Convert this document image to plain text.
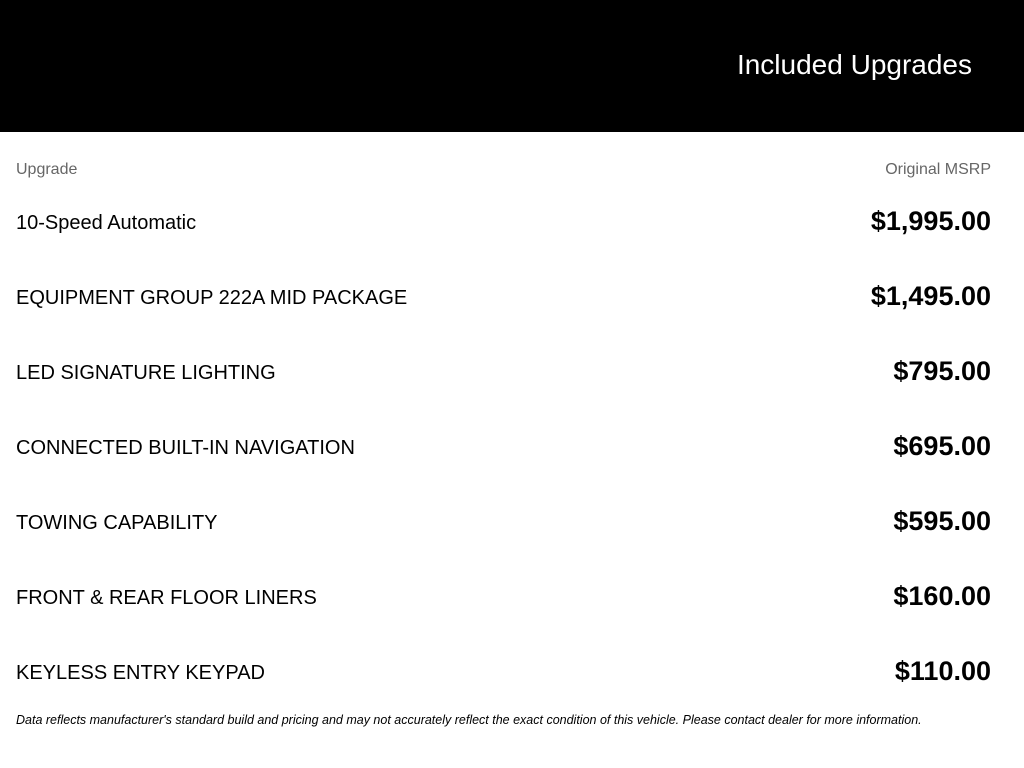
Included Upgrades
Upgrade	Original MSRP
10-Speed Automatic	$1,995.00
EQUIPMENT GROUP 222A MID PACKAGE	$1,495.00
LED SIGNATURE LIGHTING	$795.00
CONNECTED BUILT-IN NAVIGATION	$695.00
TOWING CAPABILITY	$595.00
FRONT & REAR FLOOR LINERS	$160.00
KEYLESS ENTRY KEYPAD	$110.00
Data reflects manufacturer's standard build and pricing and may not accurately reflect the exact condition of this vehicle. Please contact dealer for more information.
